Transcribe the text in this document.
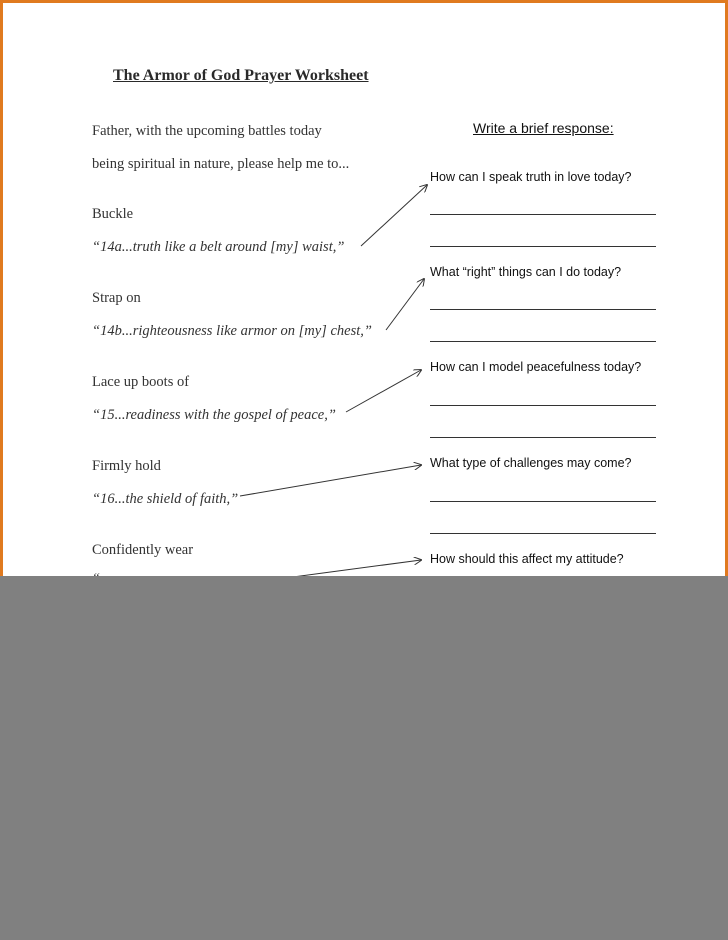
The Armor of God Prayer Worksheet

Father, with the upcoming battles today

being spiritual in nature, please help me to...

Write a brief response:

Buckle

“14a...truth like a belt around [my] waist,”

How can I speak truth in love today?

Strap on

“14b...righteousness like armor on [my] chest,”

What “right” things can I do today?

Lace up boots of

“15...readiness with the gospel of peace,”

How can I model peacefulness today?

Firmly hold

“16...the shield of faith,”

What type of challenges may come?

Confidently wear

How should this affect my attitude?
